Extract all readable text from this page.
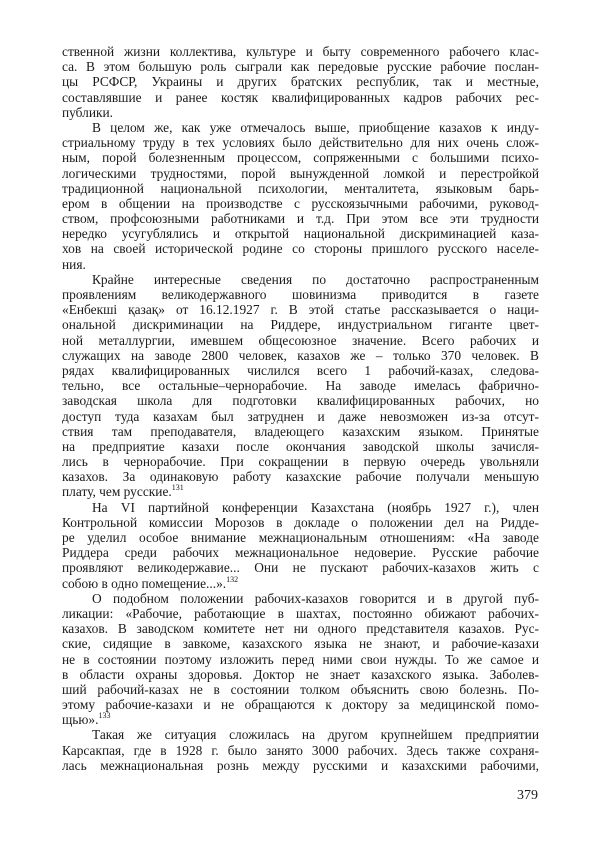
ственной жизни коллектива, культуре и быту современного рабочего клас-
са. В этом большую роль сыграли как передовые русские рабочие послан-
цы РСФСР, Украины и других братских республик, так и местные,
составлявшие и ранее костяк квалифицированных кадров рабочих рес-
публики.
В целом же, как уже отмечалось выше, приобщение казахов к инду-
стриальному труду в тех условиях было действительно для них очень слож-
ным, порой болезненным процессом, сопряженными с большими психо-
логическими трудностями, порой вынужденной ломкой и перестройкой
традиционной национальной психологии, менталитета, языковым барь-
ером в общении на производстве с русскоязычными рабочими, руковод-
ством, профсоюзными работниками и т.д. При этом все эти трудности
нередко усугублялись и открытой национальной дискриминацией каза-
хов на своей исторической родине со стороны пришлого русского населе-
ния.
Крайне интересные сведения по достаточно распространенным
проявлениям великодержавного шовинизма приводится в газете
«Енбекші қазақ» от 16.12.1927 г. В этой статье рассказывается о наци-
ональной дискриминации на Риддере, индустриальном гиганте цвет-
ной металлургии, имевшем общесоюзное значение. Всего рабочих и
служащих на заводе 2800 человек, казахов же – только 370 человек. В
рядах квалифицированных числился всего 1 рабочий-казах, следова-
тельно, все остальные–чернорабочие. На заводе имелась фабрично-
заводская школа для подготовки квалифицированных рабочих, но
доступ туда казахам был затруднен и даже невозможен из-за отсут-
ствия там преподавателя, владеющего казахским языком. Принятые
на предприятие казахи после окончания заводской школы зачисля-
лись в чернорабочие. При сокращении в первую очередь увольняли
казахов. За одинаковую работу казахские рабочие получали меньшую
плату, чем русские.$^{131}$
На VI партийной конференции Казахстана (ноябрь 1927 г.), член
Контрольной комиссии Морозов в докладе о положении дел на Ридде-
ре уделил особое внимание межнациональным отношениям: «На заводе
Риддера среди рабочих межнациональное недоверие. Русские рабочие
проявляют великодержавие... Они не пускают рабочих-казахов жить с
собою в одно помещение...».$^{132}$
О подобном положении рабочих-казахов говорится и в другой пуб-
ликации: «Рабочие, работающие в шахтах, постоянно обижают рабочих-
казахов. В заводском комитете нет ни одного представителя казахов. Рус-
ские, сидящие в завкоме, казахского языка не знают, и рабочие-казахи
не в состоянии поэтому изложить перед ними свои нужды. То же самое и
в области охраны здоровья. Доктор не знает казахского языка. Заболев-
ший рабочий-казах не в состоянии толком объяснить свою болезнь. По-
этому рабочие-казахи и не обращаются к доктору за медицинской помо-
щью».$^{133}$
Такая же ситуация сложилась на другом крупнейшем предприятии
Карсакпая, где в 1928 г. было занято 3000 рабочих. Здесь также сохраня-
лась межнациональная рознь между русскими и казахскими рабочими,
379
